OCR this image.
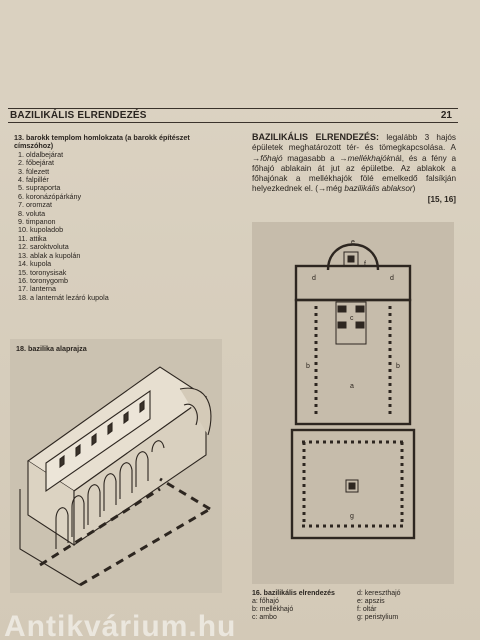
BAZILIKÁLIS ELRENDEZÉS	21
13. barokk templom homlokzata (a barokk építészet címszóhoz)
1. oldalbejárat
2. főbejárat
3. fülezett
4. falpillér
5. supraporta
6. koronázópárkány
7. oromzat
8. voluta
9. timpanon
10. kupoladob
11. attika
12. saroktvoluta
13. ablak a kupolán
14. kupola
15. toronysisak
16. toronygomb
17. lanterna
18. a lanternát lezáró kupola
18. bazilika alaprajza
BAZILIKÁLIS ELRENDEZÉS: legalább 3 hajós épületek meghatározott tér- és tömegkapcsolása. A →főhajó magasabb a →mellékhajóknál, és a fény a főhajó ablakain át jut az épületbe. Az ablakok a főhajónak a mellékhajók fölé emelkedő falsíkján helyezkednek el. (→még bazilikális ablaksor)
[15, 16]
e
f
d	d
c
b
a
b
g
16. bazilikális elrendezés
a: főhajó
b: mellékhajó
c: ambo
d: kereszthajó
e: apszis
f: oltár
g: peristylium
Antikvárium.hu
